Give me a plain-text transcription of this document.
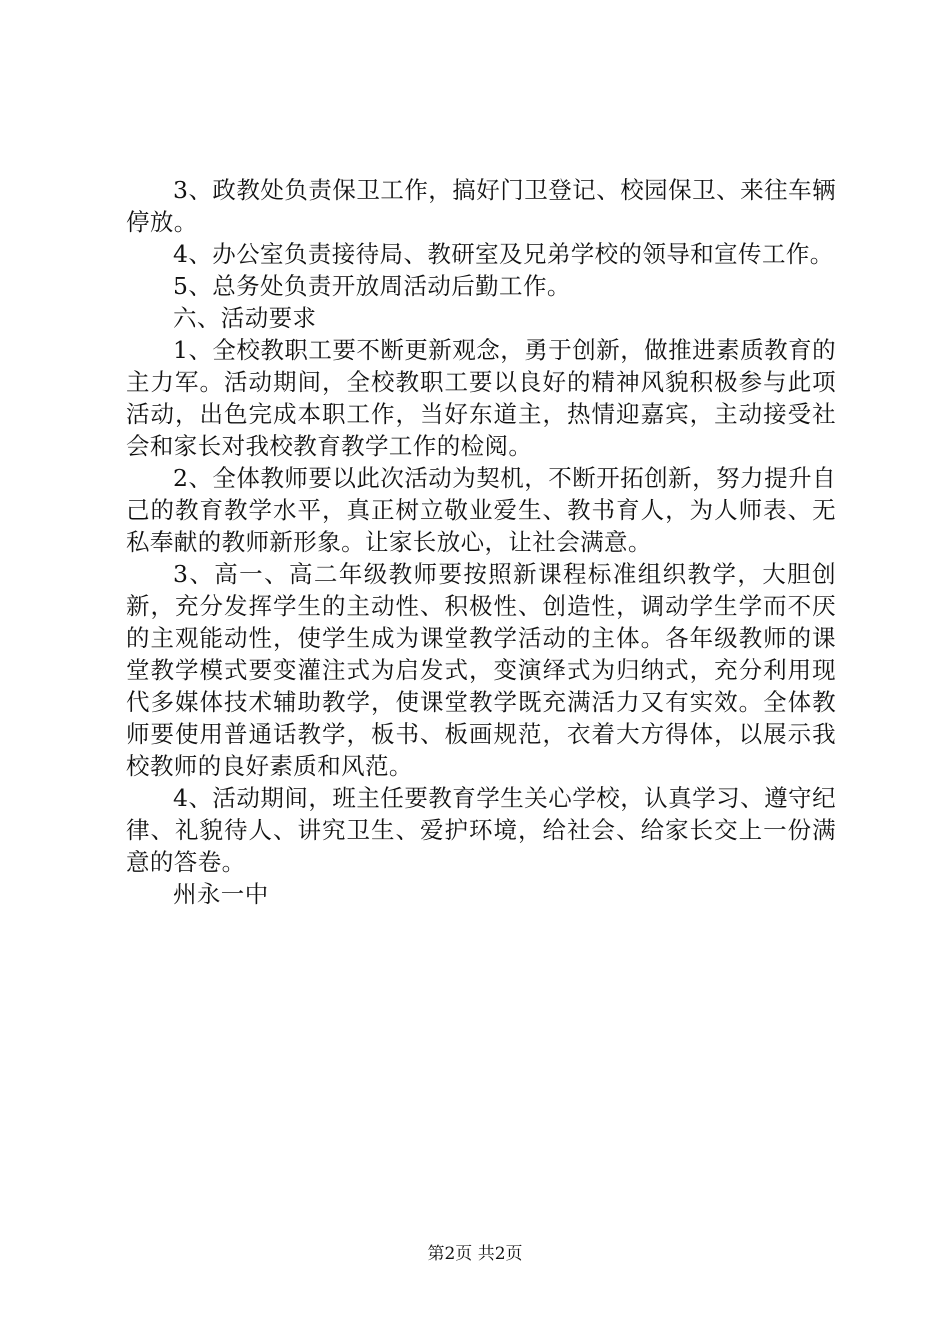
3、政教处负责保卫工作，搞好门卫登记、校园保卫、来往车辆停放。

4、办公室负责接待局、教研室及兄弟学校的领导和宣传工作。

5、总务处负责开放周活动后勤工作。

六、活动要求

1、全校教职工要不断更新观念，勇于创新，做推进素质教育的主力军。活动期间，全校教职工要以良好的精神风貌积极参与此项活动，出色完成本职工作，当好东道主，热情迎嘉宾，主动接受社会和家长对我校教育教学工作的检阅。

2、全体教师要以此次活动为契机，不断开拓创新，努力提升自己的教育教学水平，真正树立敬业爱生、教书育人，为人师表、无私奉献的教师新形象。让家长放心，让社会满意。

3、高一、高二年级教师要按照新课程标准组织教学，大胆创新，充分发挥学生的主动性、积极性、创造性，调动学生学而不厌的主观能动性，使学生成为课堂教学活动的主体。各年级教师的课堂教学模式要变灌注式为启发式，变演绎式为归纳式，充分利用现代多媒体技术辅助教学，使课堂教学既充满活力又有实效。全体教师要使用普通话教学，板书、板画规范，衣着大方得体，以展示我校教师的良好素质和风范。

4、活动期间，班主任要教育学生关心学校，认真学习、遵守纪律、礼貌待人、讲究卫生、爱护环境，给社会、给家长交上一份满意的答卷。

州永一中

第2页 共2页
